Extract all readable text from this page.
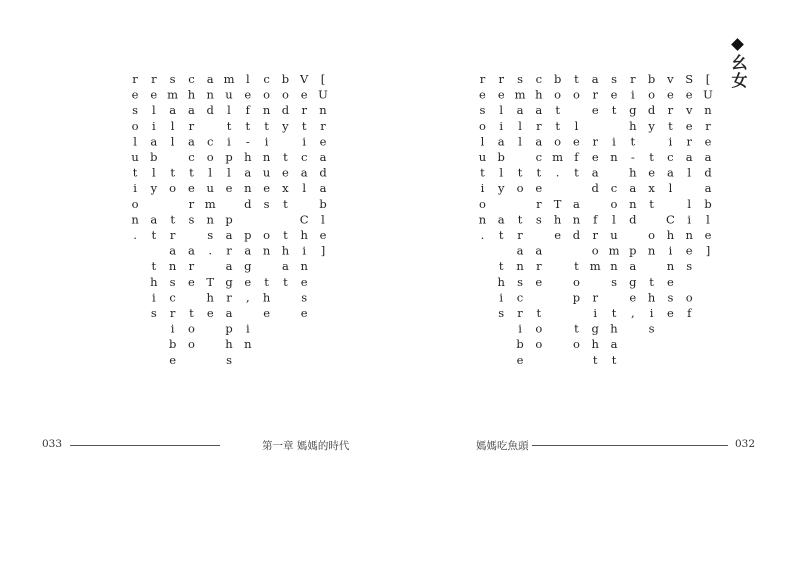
[Unreadable] Vertical Chinese body text that continues on the left-hand page, in multiple paragraphs and columns. The characters are too small to transcribe reliably at this resolution.	幺女
[Unreadable] Several lines of vertical Chinese body text on this right-hand page, set in columns that are read from right to left and top to bottom. The characters are too small to transcribe reliably at this resolution.
033	第一章 媽媽的時代	媽媽吃魚頭	032
